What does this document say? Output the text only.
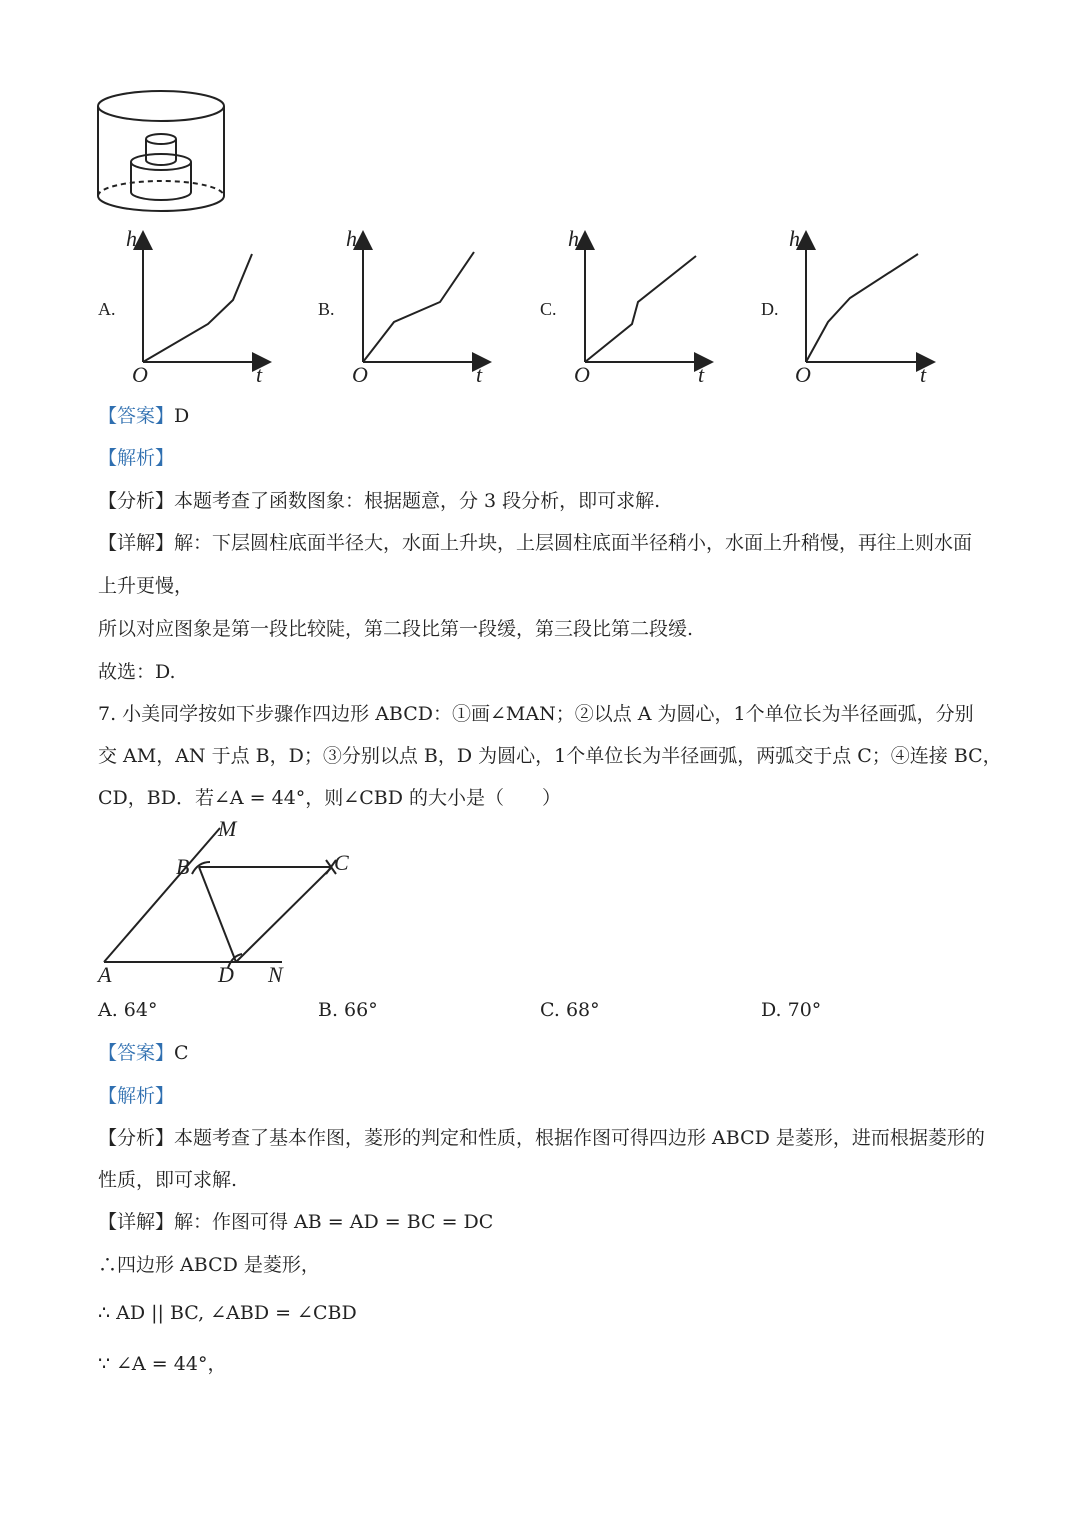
A.
h
O	t
B.
h
O	t
C.
h
O	t
D.
h
O	t
【答案】D
【解析】
【分析】本题考查了函数图象：根据题意，分 3 段分析，即可求解.
【详解】解：下层圆柱底面半径大，水面上升块，上层圆柱底面半径稍小，水面上升稍慢，再往上则水面
上升更慢，
所以对应图象是第一段比较陡，第二段比第一段缓，第三段比第二段缓.
故选：D.
7. 小美同学按如下步骤作四边形 ABCD：①画∠MAN；②以点 A 为圆心，1个单位长为半径画弧，分别
交 AM，AN 于点 B，D；③分别以点 B，D 为圆心，1个单位长为半径画弧，两弧交于点 C；④连接 BC，
CD，BD．若∠A = 44°，则∠CBD 的大小是（　　）
M
B	C
A	D N
A. 64°	B. 66°	C. 68°	D. 70°
【答案】C
【解析】
【分析】本题考查了基本作图，菱形的判定和性质，根据作图可得四边形 ABCD 是菱形，进而根据菱形的
性质，即可求解.
【详解】解：作图可得 AB = AD = BC = DC
∴四边形 ABCD 是菱形，
∴ AD || BC, ∠ABD = ∠CBD
∵ ∠A = 44°，
